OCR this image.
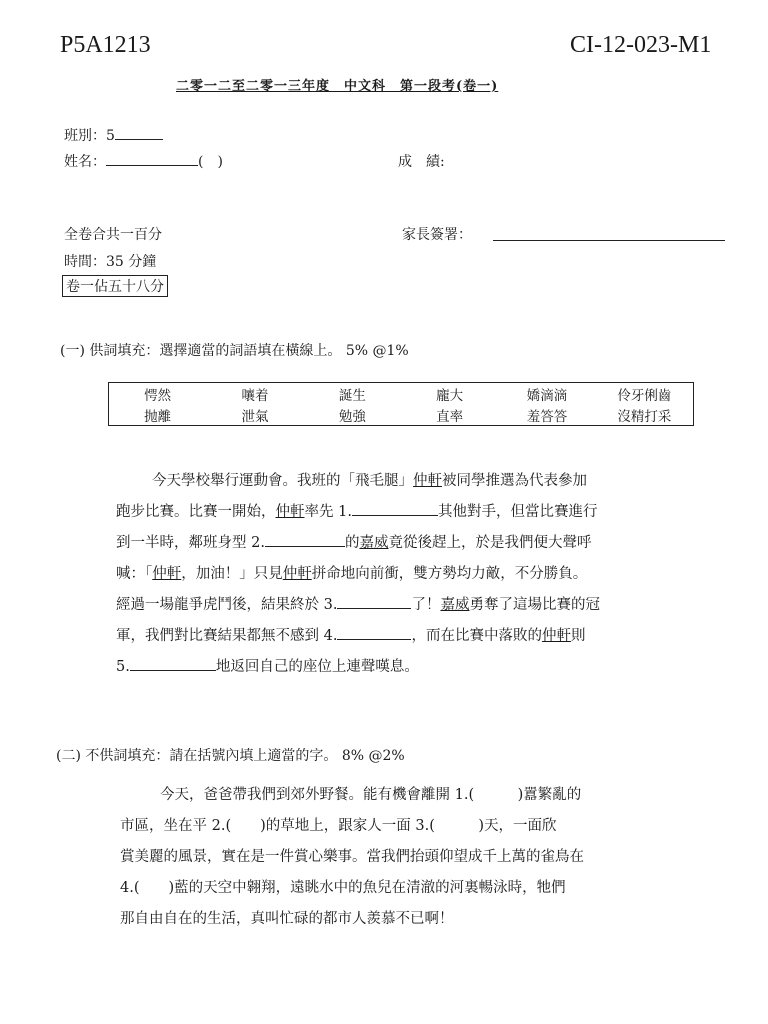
P5A1213	CI-12-023-M1
二零一二至二零一三年度　中文科　第一段考(卷一)
班別：5
姓名：	(　)	成　績:
全卷合共一百分
時間：35 分鐘
卷一佔五十八分
家長簽署：
(一) 供詞填充：選擇適當的詞語填在橫線上。 5% @1%
愕然	嚷着	誕生	龐大	嬌滴滴	伶牙俐齒
抛離	泄氣	勉強	直率	羞答答	沒精打采
今天學校舉行運動會。我班的「飛毛腿」仲軒被同學推選為代表參加
跑步比賽。比賽一開始，仲軒率先 1.	其他對手，但當比賽進行
到一半時，鄰班身型 2.	的嘉威竟從後趕上，於是我們便大聲呼
喊：「仲軒，加油！」只見仲軒拼命地向前衝，雙方勢均力敵，不分勝負。
經過一場龍爭虎鬥後，結果終於 3.	了！嘉威勇奪了這場比賽的冠
軍，我們對比賽結果都無不感到 4.	，而在比賽中落敗的仲軒則
5.	地返回自己的座位上連聲嘆息。
(二) 不供詞填充：請在括號內填上適當的字。 8% @2%
今天，爸爸帶我們到郊外野餐。能有機會離開 1.(　　　)囂繁亂的
市區，坐在平 2.(　　)的草地上，跟家人一面 3.(　　　)天，一面欣
賞美麗的風景，實在是一件賞心樂事。當我們抬頭仰望成千上萬的雀鳥在
4.(　　)藍的天空中翱翔，遠眺水中的魚兒在清澈的河裏暢泳時，牠們
那自由自在的生活，真叫忙碌的都市人羨慕不已啊！
